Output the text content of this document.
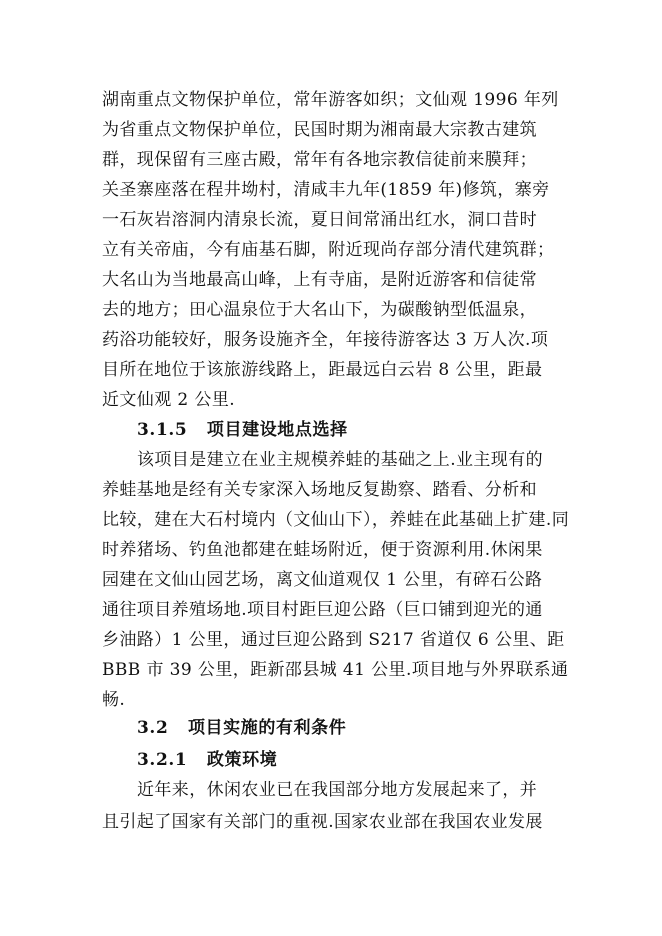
湖南重点文物保护单位，常年游客如织；文仙观 1996 年列
为省重点文物保护单位，民国时期为湘南最大宗教古建筑
群，现保留有三座古殿，常年有各地宗教信徒前来膜拜；
关圣寨座落在程井坳村，清咸丰九年(1859 年)修筑，寨旁
一石灰岩溶洞内清泉长流，夏日间常涌出红水，洞口昔时
立有关帝庙，今有庙基石脚，附近现尚存部分清代建筑群；
大名山为当地最高山峰，上有寺庙，是附近游客和信徒常
去的地方；田心温泉位于大名山下，为碳酸钠型低温泉，
药浴功能较好，服务设施齐全，年接待游客达 3 万人次.项
目所在地位于该旅游线路上，距最远白云岩 8 公里，距最
近文仙观 2 公里.
3.1.5 项目建设地点选择
该项目是建立在业主规模养蛙的基础之上.业主现有的
养蛙基地是经有关专家深入场地反复勘察、踏看、分析和
比较，建在大石村境内（文仙山下），养蛙在此基础上扩建.同
时养猪场、钓鱼池都建在蛙场附近，便于资源利用.休闲果
园建在文仙山园艺场，离文仙道观仅 1 公里，有碎石公路
通往项目养殖场地.项目村距巨迎公路（巨口铺到迎光的通
乡油路）1 公里，通过巨迎公路到 S217 省道仅 6 公里、距
BBB 市 39 公里，距新邵县城 41 公里.项目地与外界联系通
畅.
3.2 项目实施的有利条件
3.2.1 政策环境
近年来，休闲农业已在我国部分地方发展起来了，并
且引起了国家有关部门的重视.国家农业部在我国农业发展
